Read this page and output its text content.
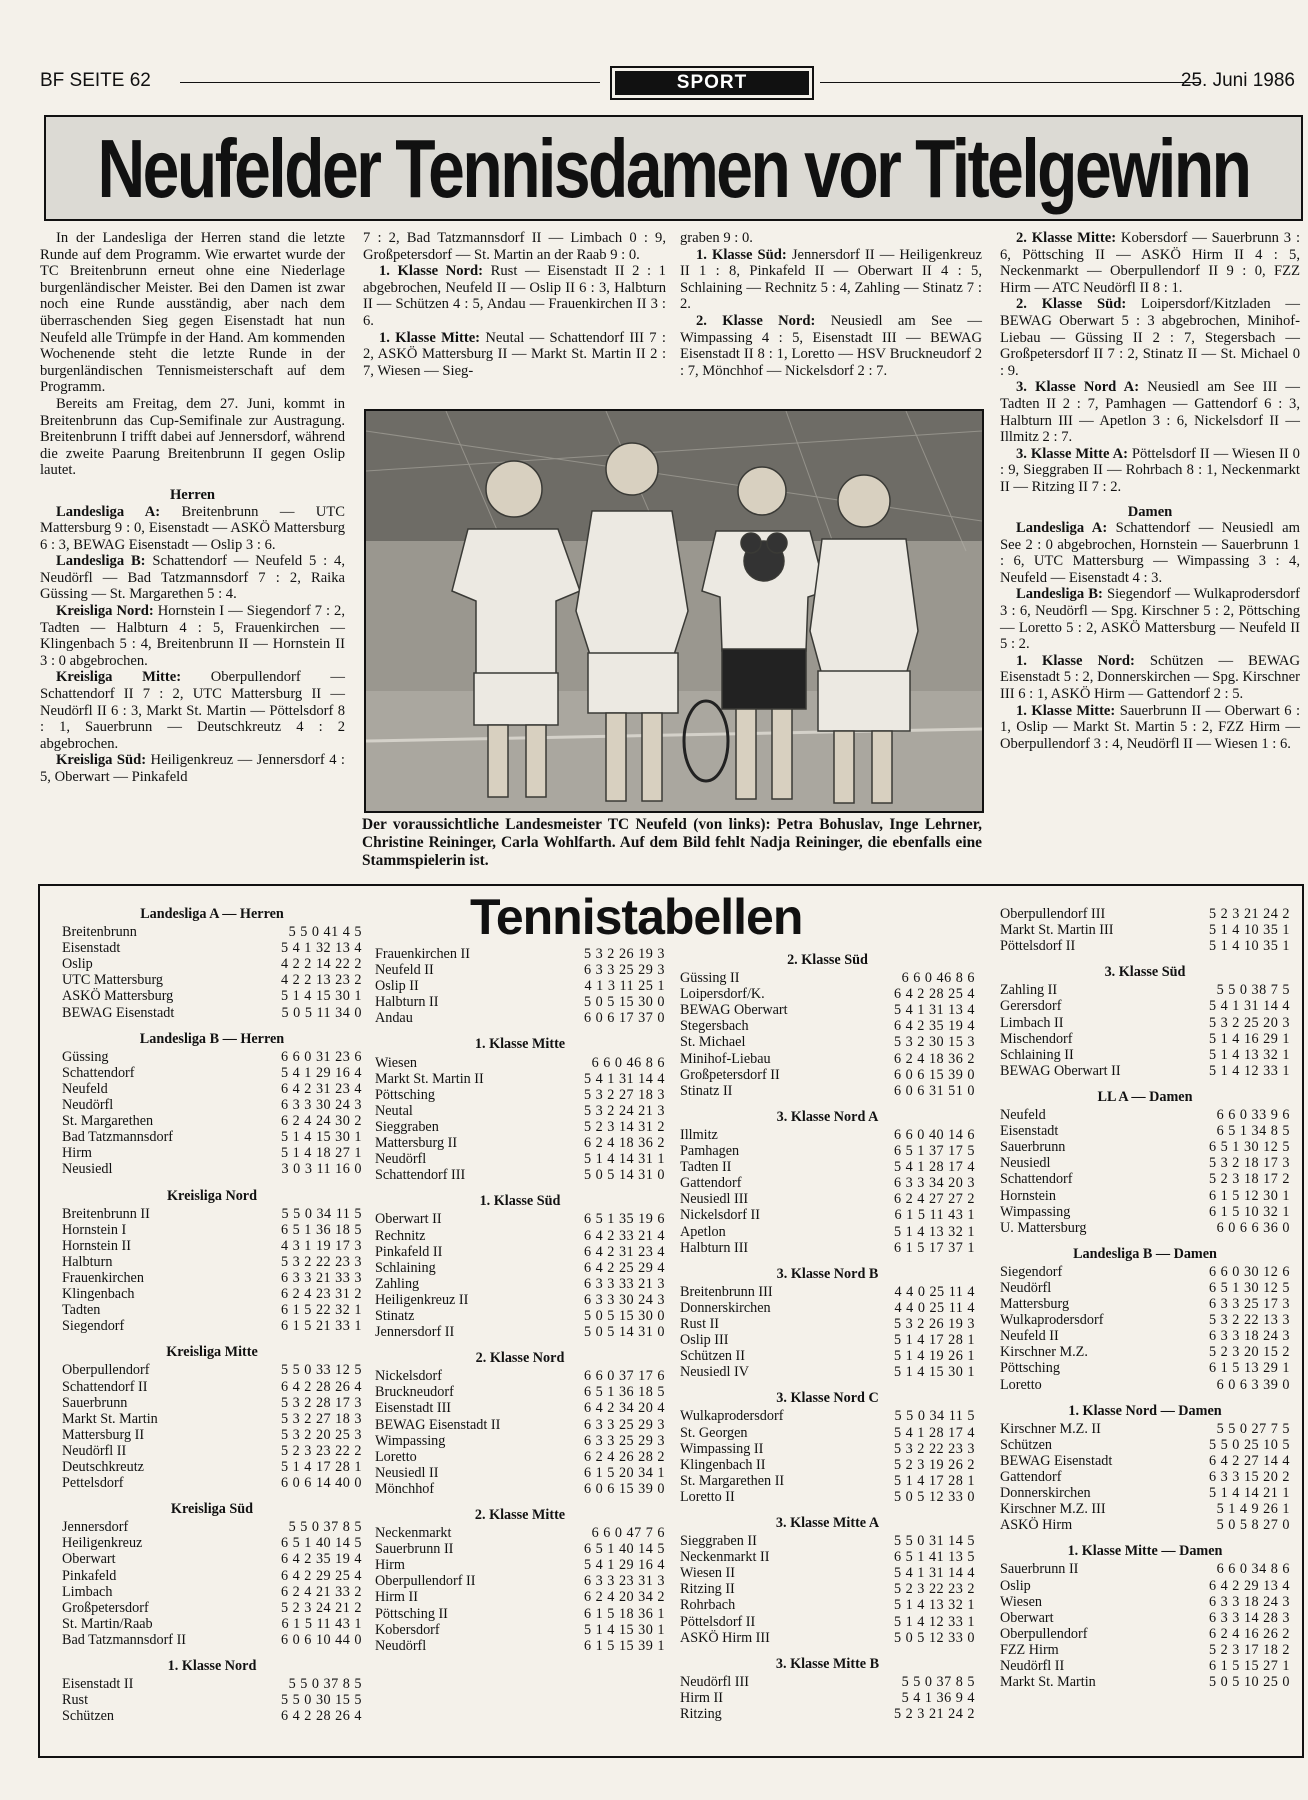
BF SEITE 62	SPORT	25. Juni 1986
Neufelder Tennisdamen vor Titelgewinn

In der Landesliga der Herren stand die letzte Runde auf dem Programm. Wie erwartet wurde der TC Breitenbrunn erneut ohne eine Niederlage burgenländischer Meister. Bei den Damen ist zwar noch eine Runde ausständig, aber nach dem überraschenden Sieg gegen Eisenstadt hat nun Neufeld alle Trümpfe in der Hand. Am kommenden Wochenende steht die letzte Runde in der burgenländischen Tennismeisterschaft auf dem Programm.

Bereits am Freitag, dem 27. Juni, kommt in Breitenbrunn das Cup-Semifinale zur Austragung. Breitenbrunn I trifft dabei auf Jennersdorf, während die zweite Paarung Breitenbrunn II gegen Oslip lautet.

Herren

Landesliga A: Breitenbrunn — UTC Mattersburg 9 : 0, Eisenstadt — ASKÖ Mattersburg 6 : 3, BEWAG Eisenstadt — Oslip 3 : 6.

Landesliga B: Schattendorf — Neufeld 5 : 4, Neudörfl — Bad Tatzmannsdorf 7 : 2, Raika Güssing — St. Margarethen 5 : 4.

Kreisliga Nord: Hornstein I — Siegendorf 7 : 2, Tadten — Halbturn 4 : 5, Frauenkirchen — Klingenbach 5 : 4, Breitenbrunn II — Hornstein II 3 : 0 abgebrochen.

Kreisliga Mitte: Oberpullendorf — Schattendorf II 7 : 2, UTC Mattersburg II — Neudörfl II 6 : 3, Markt St. Martin — Pöttelsdorf 8 : 1, Sauerbrunn — Deutschkreutz 4 : 2 abgebrochen.

Kreisliga Süd: Heiligenkreuz — Jennersdorf 4 : 5, Oberwart — Pinkafeld

7 : 2, Bad Tatzmannsdorf II — Limbach 0 : 9, Großpetersdorf — St. Martin an der Raab 9 : 0.

1. Klasse Nord: Rust — Eisenstadt II 2 : 1 abgebrochen, Neufeld II — Oslip II 6 : 3, Halbturn II — Schützen 4 : 5, Andau — Frauenkirchen II 3 : 6.

1. Klasse Mitte: Neutal — Schattendorf III 7 : 2, ASKÖ Mattersburg II — Markt St. Martin II 2 : 7, Wiesen — Sieg-

graben 9 : 0.

1. Klasse Süd: Jennersdorf II — Heiligenkreuz II 1 : 8, Pinkafeld II — Oberwart II 4 : 5, Schlaining — Rechnitz 5 : 4, Zahling — Stinatz 7 : 2.

2. Klasse Nord: Neusiedl am See — Wimpassing 4 : 5, Eisenstadt III — BEWAG Eisenstadt II 8 : 1, Loretto — HSV Bruckneudorf 2 : 7, Mönchhof — Nickelsdorf 2 : 7.

2. Klasse Mitte: Kobersdorf — Sauerbrunn 3 : 6, Pöttsching II — ASKÖ Hirm II 4 : 5, Neckenmarkt — Oberpullendorf II 9 : 0, FZZ Hirm — ATC Neudörfl II 8 : 1.

2. Klasse Süd: Loipersdorf/Kitzladen — BEWAG Oberwart 5 : 3 abgebrochen, Minihof-Liebau — Güssing II 2 : 7, Stegersbach — Großpetersdorf II 7 : 2, Stinatz II — St. Michael 0 : 9.

3. Klasse Nord A: Neusiedl am See III — Tadten II 2 : 7, Pamhagen — Gattendorf 6 : 3, Halbturn III — Apetlon 3 : 6, Nickelsdorf II — Illmitz 2 : 7.

3. Klasse Mitte A: Pöttelsdorf II — Wiesen II 0 : 9, Sieggraben II — Rohrbach 8 : 1, Neckenmarkt II — Ritzing II 7 : 2.

Damen

Landesliga A: Schattendorf — Neusiedl am See 2 : 0 abgebrochen, Hornstein — Sauerbrunn 1 : 6, UTC Mattersburg — Wimpassing 3 : 4, Neufeld — Eisenstadt 4 : 3.

Landesliga B: Siegendorf — Wulkaprodersdorf 3 : 6, Neudörfl — Spg. Kirschner 5 : 2, Pöttsching — Loretto 5 : 2, ASKÖ Mattersburg — Neufeld II 5 : 2.

1. Klasse Nord: Schützen — BEWAG Eisenstadt 5 : 2, Donnerskirchen — Spg. Kirschner III 6 : 1, ASKÖ Hirm — Gattendorf 2 : 5.

1. Klasse Mitte: Sauerbrunn II — Oberwart 6 : 1, Oslip — Markt St. Martin 5 : 2, FZZ Hirm — Oberpullendorf 3 : 4, Neudörfl II — Wiesen 1 : 6.

Der voraussichtliche Landesmeister TC Neufeld (von links): Petra Bohuslav, Inge Lehrner, Christine Reininger, Carla Wohlfarth. Auf dem Bild fehlt Nadja Reininger, die ebenfalls eine Stammspielerin ist.
Tennistabellen
Landesliga A — Herren
Breitenbrunn	5 5 0 41 4 5
Eisenstadt	5 4 1 32 13 4
Oslip	4 2 2 14 22 2
UTC Mattersburg	4 2 2 13 23 2
ASKÖ Mattersburg	5 1 4 15 30 1
BEWAG Eisenstadt	5 0 5 11 34 0
Landesliga B — Herren
Güssing	6 6 0 31 23 6
Schattendorf	5 4 1 29 16 4
Neufeld	6 4 2 31 23 4
Neudörfl	6 3 3 30 24 3
St. Margarethen	6 2 4 24 30 2
Bad Tatzmannsdorf	5 1 4 15 30 1
Hirm	5 1 4 18 27 1
Neusiedl	3 0 3 11 16 0
Kreisliga Nord
Breitenbrunn II	5 5 0 34 11 5
Hornstein I	6 5 1 36 18 5
Hornstein II	4 3 1 19 17 3
Halbturn	5 3 2 22 23 3
Frauenkirchen	6 3 3 21 33 3
Klingenbach	6 2 4 23 31 2
Tadten	6 1 5 22 32 1
Siegendorf	6 1 5 21 33 1
Kreisliga Mitte
Oberpullendorf	5 5 0 33 12 5
Schattendorf II	6 4 2 28 26 4
Sauerbrunn	5 3 2 28 17 3
Markt St. Martin	5 3 2 27 18 3
Mattersburg II	5 3 2 20 25 3
Neudörfl II	5 2 3 23 22 2
Deutschkreutz	5 1 4 17 28 1
Pettelsdorf	6 0 6 14 40 0
Kreisliga Süd
Jennersdorf	5 5 0 37 8 5
Heiligenkreuz	6 5 1 40 14 5
Oberwart	6 4 2 35 19 4
Pinkafeld	6 4 2 29 25 4
Limbach	6 2 4 21 33 2
Großpetersdorf	5 2 3 24 21 2
St. Martin/Raab	6 1 5 11 43 1
Bad Tatzmannsdorf II	6 0 6 10 44 0
1. Klasse Nord
Eisenstadt II	5 5 0 37 8 5
Rust	5 5 0 30 15 5
Schützen	6 4 2 28 26 4
Frauenkirchen II	5 3 2 26 19 3
Neufeld II	6 3 3 25 29 3
Oslip II	4 1 3 11 25 1
Halbturn II	5 0 5 15 30 0
Andau	6 0 6 17 37 0
1. Klasse Mitte
Wiesen	6 6 0 46 8 6
Markt St. Martin II	5 4 1 31 14 4
Pöttsching	5 3 2 27 18 3
Neutal	5 3 2 24 21 3
Sieggraben	5 2 3 14 31 2
Mattersburg II	6 2 4 18 36 2
Neudörfl	5 1 4 14 31 1
Schattendorf III	5 0 5 14 31 0
1. Klasse Süd
Oberwart II	6 5 1 35 19 6
Rechnitz	6 4 2 33 21 4
Pinkafeld II	6 4 2 31 23 4
Schlaining	6 4 2 25 29 4
Zahling	6 3 3 33 21 3
Heiligenkreuz II	6 3 3 30 24 3
Stinatz	5 0 5 15 30 0
Jennersdorf II	5 0 5 14 31 0
2. Klasse Nord
Nickelsdorf	6 6 0 37 17 6
Bruckneudorf	6 5 1 36 18 5
Eisenstadt III	6 4 2 34 20 4
BEWAG Eisenstadt II	6 3 3 25 29 3
Wimpassing	6 3 3 25 29 3
Loretto	6 2 4 26 28 2
Neusiedl II	6 1 5 20 34 1
Mönchhof	6 0 6 15 39 0
2. Klasse Mitte
Neckenmarkt	6 6 0 47 7 6
Sauerbrunn II	6 5 1 40 14 5
Hirm	5 4 1 29 16 4
Oberpullendorf II	6 3 3 23 31 3
Hirm II	6 2 4 20 34 2
Pöttsching II	6 1 5 18 36 1
Kobersdorf	5 1 4 15 30 1
Neudörfl	6 1 5 15 39 1
2. Klasse Süd
Güssing II	6 6 0 46 8 6
Loipersdorf/K.	6 4 2 28 25 4
BEWAG Oberwart	5 4 1 31 13 4
Stegersbach	6 4 2 35 19 4
St. Michael	5 3 2 30 15 3
Minihof-Liebau	6 2 4 18 36 2
Großpetersdorf II	6 0 6 15 39 0
Stinatz II	6 0 6 31 51 0
3. Klasse Nord A
Illmitz	6 6 0 40 14 6
Pamhagen	6 5 1 37 17 5
Tadten II	5 4 1 28 17 4
Gattendorf	6 3 3 34 20 3
Neusiedl III	6 2 4 27 27 2
Nickelsdorf II	6 1 5 11 43 1
Apetlon	5 1 4 13 32 1
Halbturn III	6 1 5 17 37 1
3. Klasse Nord B
Breitenbrunn III	4 4 0 25 11 4
Donnerskirchen	4 4 0 25 11 4
Rust II	5 3 2 26 19 3
Oslip III	5 1 4 17 28 1
Schützen II	5 1 4 19 26 1
Neusiedl IV	5 1 4 15 30 1
3. Klasse Nord C
Wulkaprodersdorf	5 5 0 34 11 5
St. Georgen	5 4 1 28 17 4
Wimpassing II	5 3 2 22 23 3
Klingenbach II	5 2 3 19 26 2
St. Margarethen II	5 1 4 17 28 1
Loretto II	5 0 5 12 33 0
3. Klasse Mitte A
Sieggraben II	5 5 0 31 14 5
Neckenmarkt II	6 5 1 41 13 5
Wiesen II	5 4 1 31 14 4
Ritzing II	5 2 3 22 23 2
Rohrbach	5 1 4 13 32 1
Pöttelsdorf II	5 1 4 12 33 1
ASKÖ Hirm III	5 0 5 12 33 0
3. Klasse Mitte B
Neudörfl III	5 5 0 37 8 5
Hirm II	5 4 1 36 9 4
Ritzing	5 2 3 21 24 2
Oberpullendorf III	5 2 3 21 24 2
Markt St. Martin III	5 1 4 10 35 1
Pöttelsdorf II	5 1 4 10 35 1
3. Klasse Süd
Zahling II	5 5 0 38 7 5
Gerersdorf	5 4 1 31 14 4
Limbach II	5 3 2 25 20 3
Mischendorf	5 1 4 16 29 1
Schlaining II	5 1 4 13 32 1
BEWAG Oberwart II	5 1 4 12 33 1
LL A — Damen
Neufeld	6 6 0 33 9 6
Eisenstadt	6 5 1 34 8 5
Sauerbrunn	6 5 1 30 12 5
Neusiedl	5 3 2 18 17 3
Schattendorf	5 2 3 18 17 2
Hornstein	6 1 5 12 30 1
Wimpassing	6 1 5 10 32 1
U. Mattersburg	6 0 6 6 36 0
Landesliga B — Damen
Siegendorf	6 6 0 30 12 6
Neudörfl	6 5 1 30 12 5
Mattersburg	6 3 3 25 17 3
Wulkaprodersdorf	5 3 2 22 13 3
Neufeld II	6 3 3 18 24 3
Kirschner M.Z.	5 2 3 20 15 2
Pöttsching	6 1 5 13 29 1
Loretto	6 0 6 3 39 0
1. Klasse Nord — Damen
Kirschner M.Z. II	5 5 0 27 7 5
Schützen	5 5 0 25 10 5
BEWAG Eisenstadt	6 4 2 27 14 4
Gattendorf	6 3 3 15 20 2
Donnerskirchen	5 1 4 14 21 1
Kirschner M.Z. III	5 1 4 9 26 1
ASKÖ Hirm	5 0 5 8 27 0
1. Klasse Mitte — Damen
Sauerbrunn II	6 6 0 34 8 6
Oslip	6 4 2 29 13 4
Wiesen	6 3 3 18 24 3
Oberwart	6 3 3 14 28 3
Oberpullendorf	6 2 4 16 26 2
FZZ Hirm	5 2 3 17 18 2
Neudörfl II	6 1 5 15 27 1
Markt St. Martin	5 0 5 10 25 0
